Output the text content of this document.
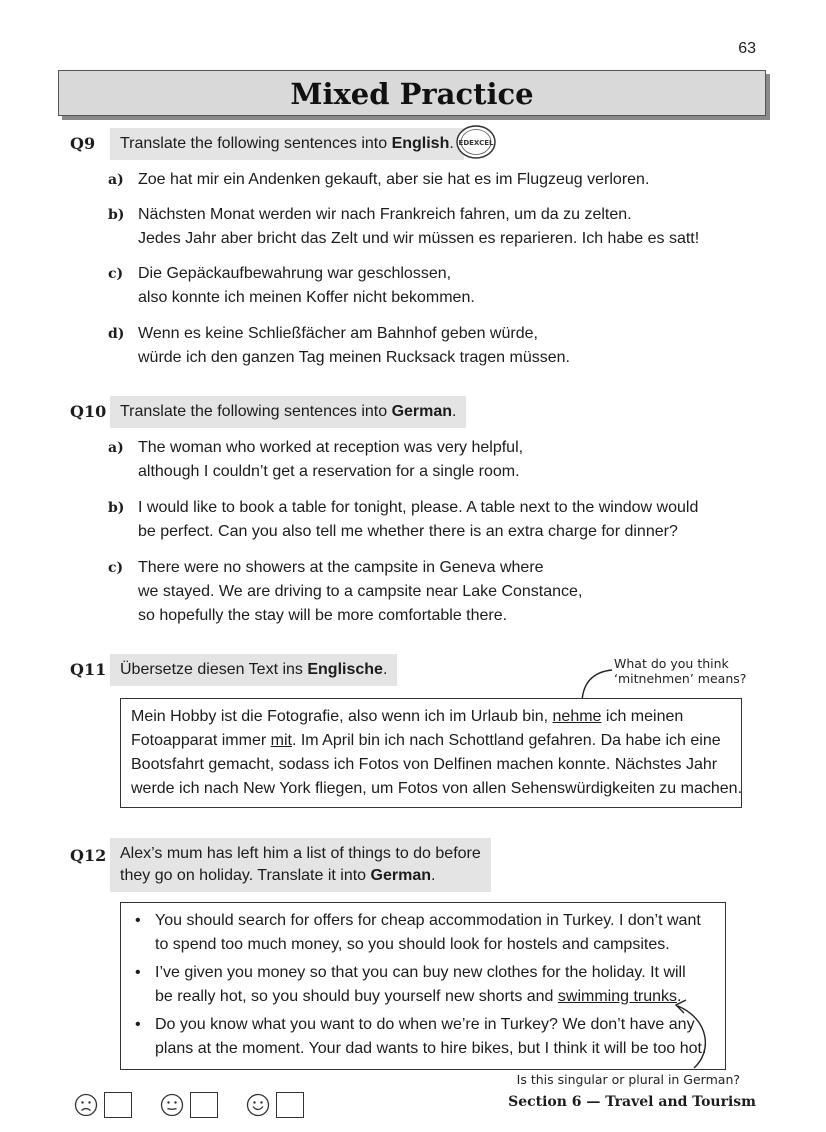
63
Mixed Practice
Q9	Translate the following sentences into English. EDEXCEL
a) Zoe hat mir ein Andenken gekauft, aber sie hat es im Flugzeug verloren.
b) Nächsten Monat werden wir nach Frankreich fahren, um da zu zelten.
Jedes Jahr aber bricht das Zelt und wir müssen es reparieren. Ich habe es satt!
c) Die Gepäckaufbewahrung war geschlossen,
also konnte ich meinen Koffer nicht bekommen.
d) Wenn es keine Schließfächer am Bahnhof geben würde,
würde ich den ganzen Tag meinen Rucksack tragen müssen.
Q10 Translate the following sentences into German.
a) The woman who worked at reception was very helpful,
although I couldn’t get a reservation for a single room.
b) I would like to book a table for tonight, please. A table next to the window would
be perfect. Can you also tell me whether there is an extra charge for dinner?
c) There were no showers at the campsite in Geneva where
we stayed. We are driving to a campsite near Lake Constance,
so hopefully the stay will be more comfortable there.
Q11 Übersetze diesen Text ins Englische.	What do you think
‘mitnehmen’ means?
Mein Hobby ist die Fotografie, also wenn ich im Urlaub bin, nehme ich meinen
Fotoapparat immer mit. Im April bin ich nach Schottland gefahren. Da habe ich eine
Bootsfahrt gemacht, sodass ich Fotos von Delfinen machen konnte. Nächstes Jahr
werde ich nach New York fliegen, um Fotos von allen Sehenswürdigkeiten zu machen.
Q12 Alex’s mum has left him a list of things to do before
they go on holiday. Translate it into German.
• You should search for offers for cheap accommodation in Turkey. I don’t want
to spend too much money, so you should look for hostels and campsites.
• I’ve given you money so that you can buy new clothes for the holiday. It will
be really hot, so you should buy yourself new shorts and swimming trunks.
• Do you know what you want to do when we’re in Turkey? We don’t have any
plans at the moment. Your dad wants to hire bikes, but I think it will be too hot.
Is this singular or plural in German?
Section 6 — Travel and Tourism
